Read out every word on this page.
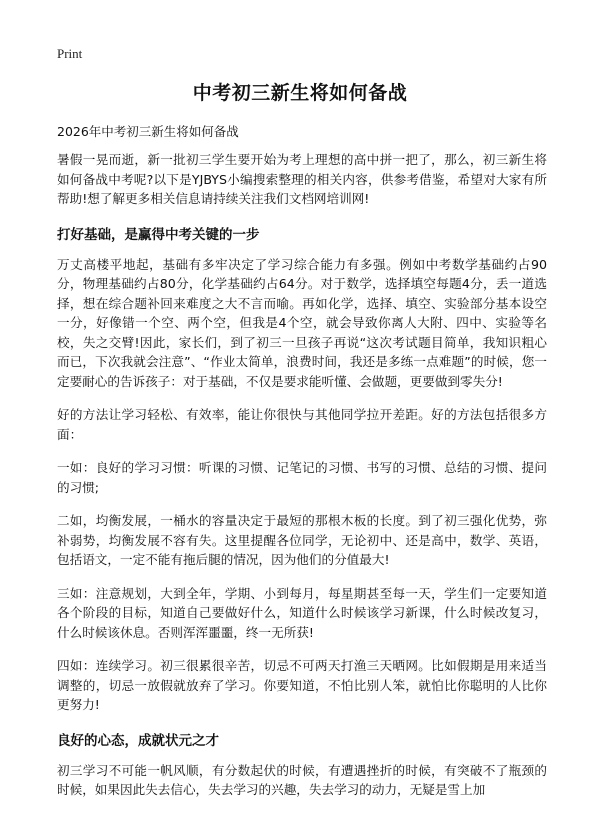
Print
中考初三新生将如何备战

2026年中考初三新生将如何备战

暑假一晃而逝，新一批初三学生要开始为考上理想的高中拼一把了，那么，初三新生将如何备战中考呢?以下是YJBYS小编搜索整理的相关内容，供参考借鉴，希望对大家有所帮助!想了解更多相关信息请持续关注我们文档网培训网!

打好基础，是赢得中考关键的一步

万丈高楼平地起，基础有多牢决定了学习综合能力有多强。例如中考数学基础约占90分，物理基础约占80分，化学基础约占64分。对于数学，选择填空每题4分，丢一道选择，想在综合题补回来难度之大不言而喻。再如化学，选择、填空、实验部分基本设空一分，好像错一个空、两个空，但我是4个空，就会导致你离人大附、四中、实验等名校，失之交臂!因此，家长们，到了初三一旦孩子再说“这次考试题目简单，我知识粗心而已，下次我就会注意”、“作业太简单，浪费时间，我还是多练一点难题”的时候，您一定要耐心的告诉孩子：对于基础，不仅是要求能听懂、会做题，更要做到零失分!

好的方法让学习轻松、有效率，能让你很快与其他同学拉开差距。好的方法包括很多方面：

一如：良好的学习习惯：听课的习惯、记笔记的习惯、书写的习惯、总结的习惯、提问的习惯;

二如，均衡发展，一桶水的容量决定于最短的那根木板的长度。到了初三强化优势，弥补弱势，均衡发展不容有失。这里提醒各位同学，无论初中、还是高中，数学、英语，包括语文，一定不能有拖后腿的情况，因为他们的分值最大!

三如：注意规划，大到全年，学期、小到每月，每星期甚至每一天，学生们一定要知道各个阶段的目标，知道自己要做好什么，知道什么时候该学习新课，什么时候改复习，什么时候该休息。否则浑浑噩噩，终一无所获!

四如：连续学习。初三很累很辛苦，切忌不可两天打渔三天晒网。比如假期是用来适当调整的，切忌一放假就放弃了学习。你要知道，不怕比别人笨，就怕比你聪明的人比你更努力!

良好的心态，成就状元之才

初三学习不可能一帆风顺，有分数起伏的时候，有遭遇挫折的时候，有突破不了瓶颈的时候，如果因此失去信心，失去学习的兴趣，失去学习的动力，无疑是雪上加
